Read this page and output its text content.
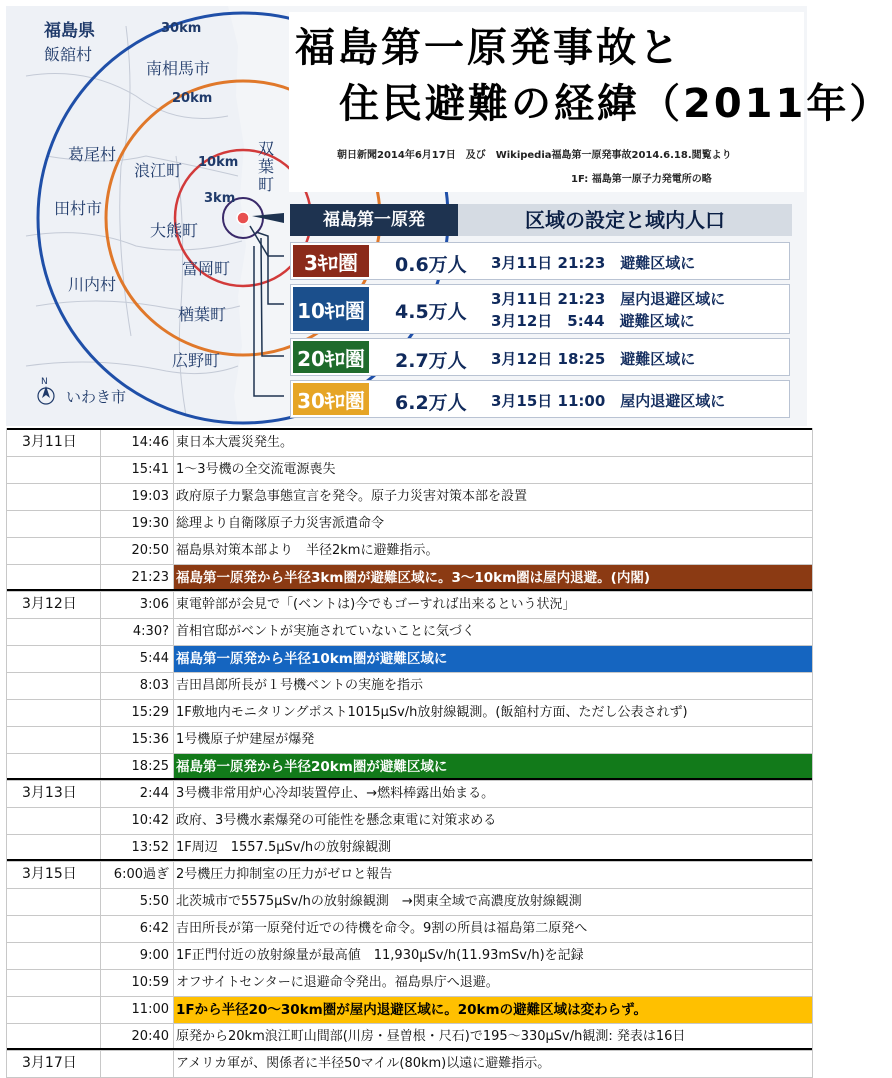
30km
20km
10km
3km
福島県
飯舘村
南相馬市
葛尾村
浪江町
田村市
大熊町
富岡町
川内村
楢葉町
広野町
いわき市
双
葉
町
N
福島第一原発事故と
住民避難の経緯（2011年）
朝日新聞2014年6月17日　及び　Wikipedia福島第一原発事故2014.6.18.閲覧より
1F: 福島第一原子力発電所の略
福島第一原発	区域の設定と域内人口
3ｷﾛ圏	0.6万人 3月11日 21:23　避難区域に
10ｷﾛ圏 4.5万人
3月11日 21:23　屋内退避区域に
3月12日　5:44　避難区域に
20ｷﾛ圏 2.7万人 3月12日 18:25　避難区域に
30ｷﾛ圏 6.2万人 3月15日 11:00　屋内退避区域に
3月11日	14:46 東日本大震災発生。
15:41 1～3号機の全交流電源喪失
19:03 政府原子力緊急事態宣言を発令。原子力災害対策本部を設置
19:30 総理より自衛隊原子力災害派遣命令
20:50 福島県対策本部より　半径2kmに避難指示。
21:23 福島第一原発から半径3km圏が避難区域に。3～10km圏は屋内退避。(内閣)
3月12日	3:06 東電幹部が会見で「(ベントは)今でもゴーすれば出来るという状況」
4:30? 首相官邸がベントが実施されていないことに気づく
5:44 福島第一原発から半径10km圏が避難区域に
8:03 吉田昌郎所長が１号機ベントの実施を指示
15:29 1F敷地内モニタリングポスト1015μSv/h放射線観測。(飯舘村方面、ただし公表されず)
15:36 1号機原子炉建屋が爆発
18:25 福島第一原発から半径20km圏が避難区域に
3月13日	2:44 3号機非常用炉心冷却装置停止、→燃料棒露出始まる。
10:42 政府、3号機水素爆発の可能性を懸念東電に対策求める
13:52 1F周辺　1557.5μSv/hの放射線観測
3月15日	6:00過ぎ 2号機圧力抑制室の圧力がゼロと報告
5:50 北茨城市で5575μSv/hの放射線観測　→関東全域で高濃度放射線観測
6:42 吉田所長が第一原発付近での待機を命令。9割の所員は福島第二原発へ
9:00 1F正門付近の放射線量が最高値　11,930μSv/h(11.93mSv/h)を記録
10:59 オフサイトセンターに退避命令発出。福島県庁へ退避。
11:00 1Fから半径20～30km圏が屋内退避区域に。20kmの避難区域は変わらず。
20:40 原発から20km浪江町山間部(川房・昼曽根・尺石)で195～330μSv/h観測: 発表は16日
3月17日	アメリカ軍が、関係者に半径50マイル(80km)以遠に避難指示。
